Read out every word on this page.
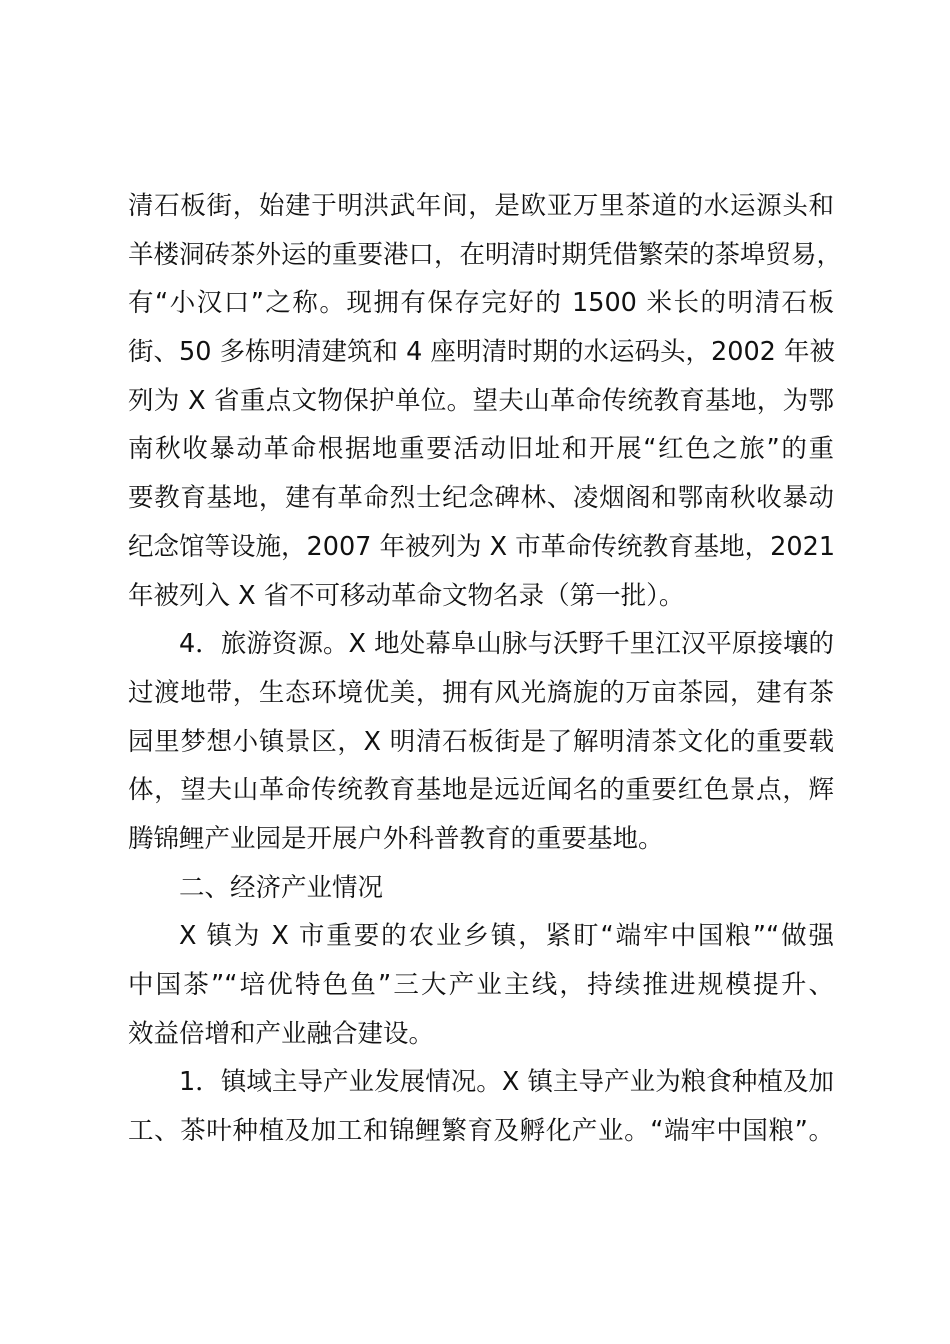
清石板街，始建于明洪武年间，是欧亚万里茶道的水运源头和
羊楼洞砖茶外运的重要港口，在明清时期凭借繁荣的茶埠贸易，
有“小汉口”之称。现拥有保存完好的 1500 米长的明清石板
街、50 多栋明清建筑和 4 座明清时期的水运码头，2002 年被
列为 X 省重点文物保护单位。望夫山革命传统教育基地，为鄂
南秋收暴动革命根据地重要活动旧址和开展“红色之旅”的重
要教育基地，建有革命烈士纪念碑林、凌烟阁和鄂南秋收暴动
纪念馆等设施，2007 年被列为 X 市革命传统教育基地，2021
年被列入 X 省不可移动革命文物名录（第一批）。
4．旅游资源。X 地处幕阜山脉与沃野千里江汉平原接壤的
过渡地带，生态环境优美，拥有风光旖旎的万亩茶园，建有茶
园里梦想小镇景区，X 明清石板街是了解明清茶文化的重要载
体，望夫山革命传统教育基地是远近闻名的重要红色景点，辉
腾锦鲤产业园是开展户外科普教育的重要基地。
二、经济产业情况
X 镇为 X 市重要的农业乡镇，紧盯“端牢中国粮”“做强
中国茶”“培优特色鱼”三大产业主线，持续推进规模提升、
效益倍增和产业融合建设。
1．镇域主导产业发展情况。X 镇主导产业为粮食种植及加
工、茶叶种植及加工和锦鲤繁育及孵化产业。“端牢中国粮”。
